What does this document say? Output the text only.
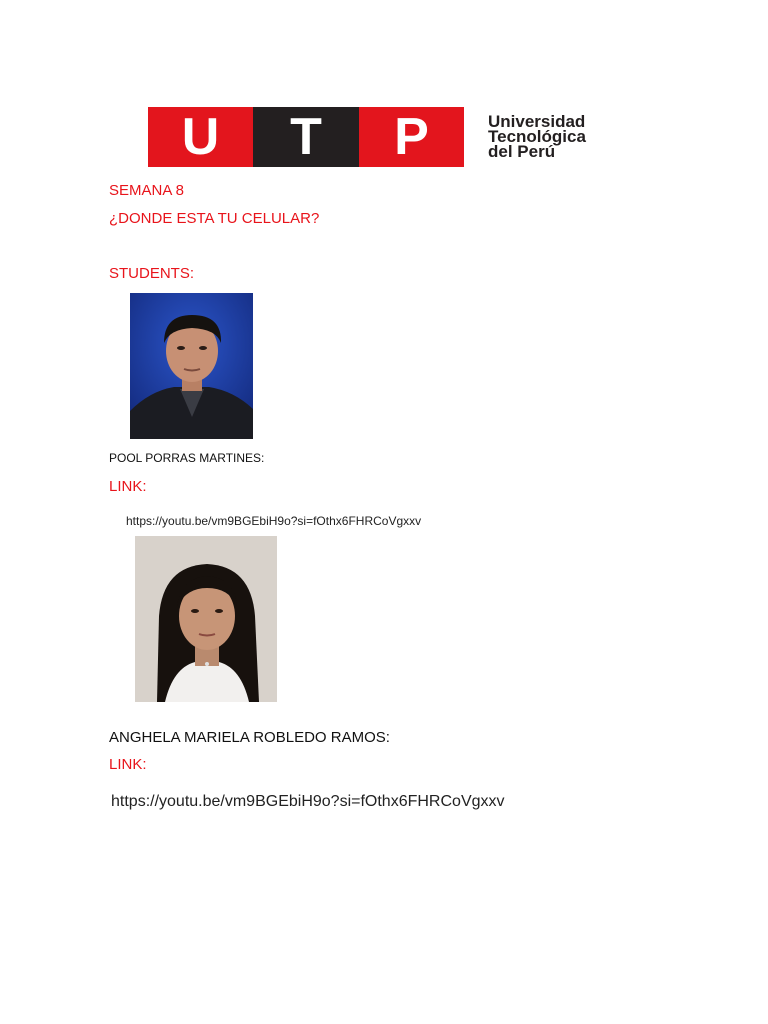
U	T	P	Universidad
Tecnológica
del Perú
SEMANA 8
¿DONDE ESTA TU CELULAR?
STUDENTS:
POOL PORRAS MARTINES:
LINK:
https://youtu.be/vm9BGEbiH9o?si=fOthx6FHRCoVgxxv
ANGHELA MARIELA ROBLEDO RAMOS:
LINK:
https://youtu.be/vm9BGEbiH9o?si=fOthx6FHRCoVgxxv
